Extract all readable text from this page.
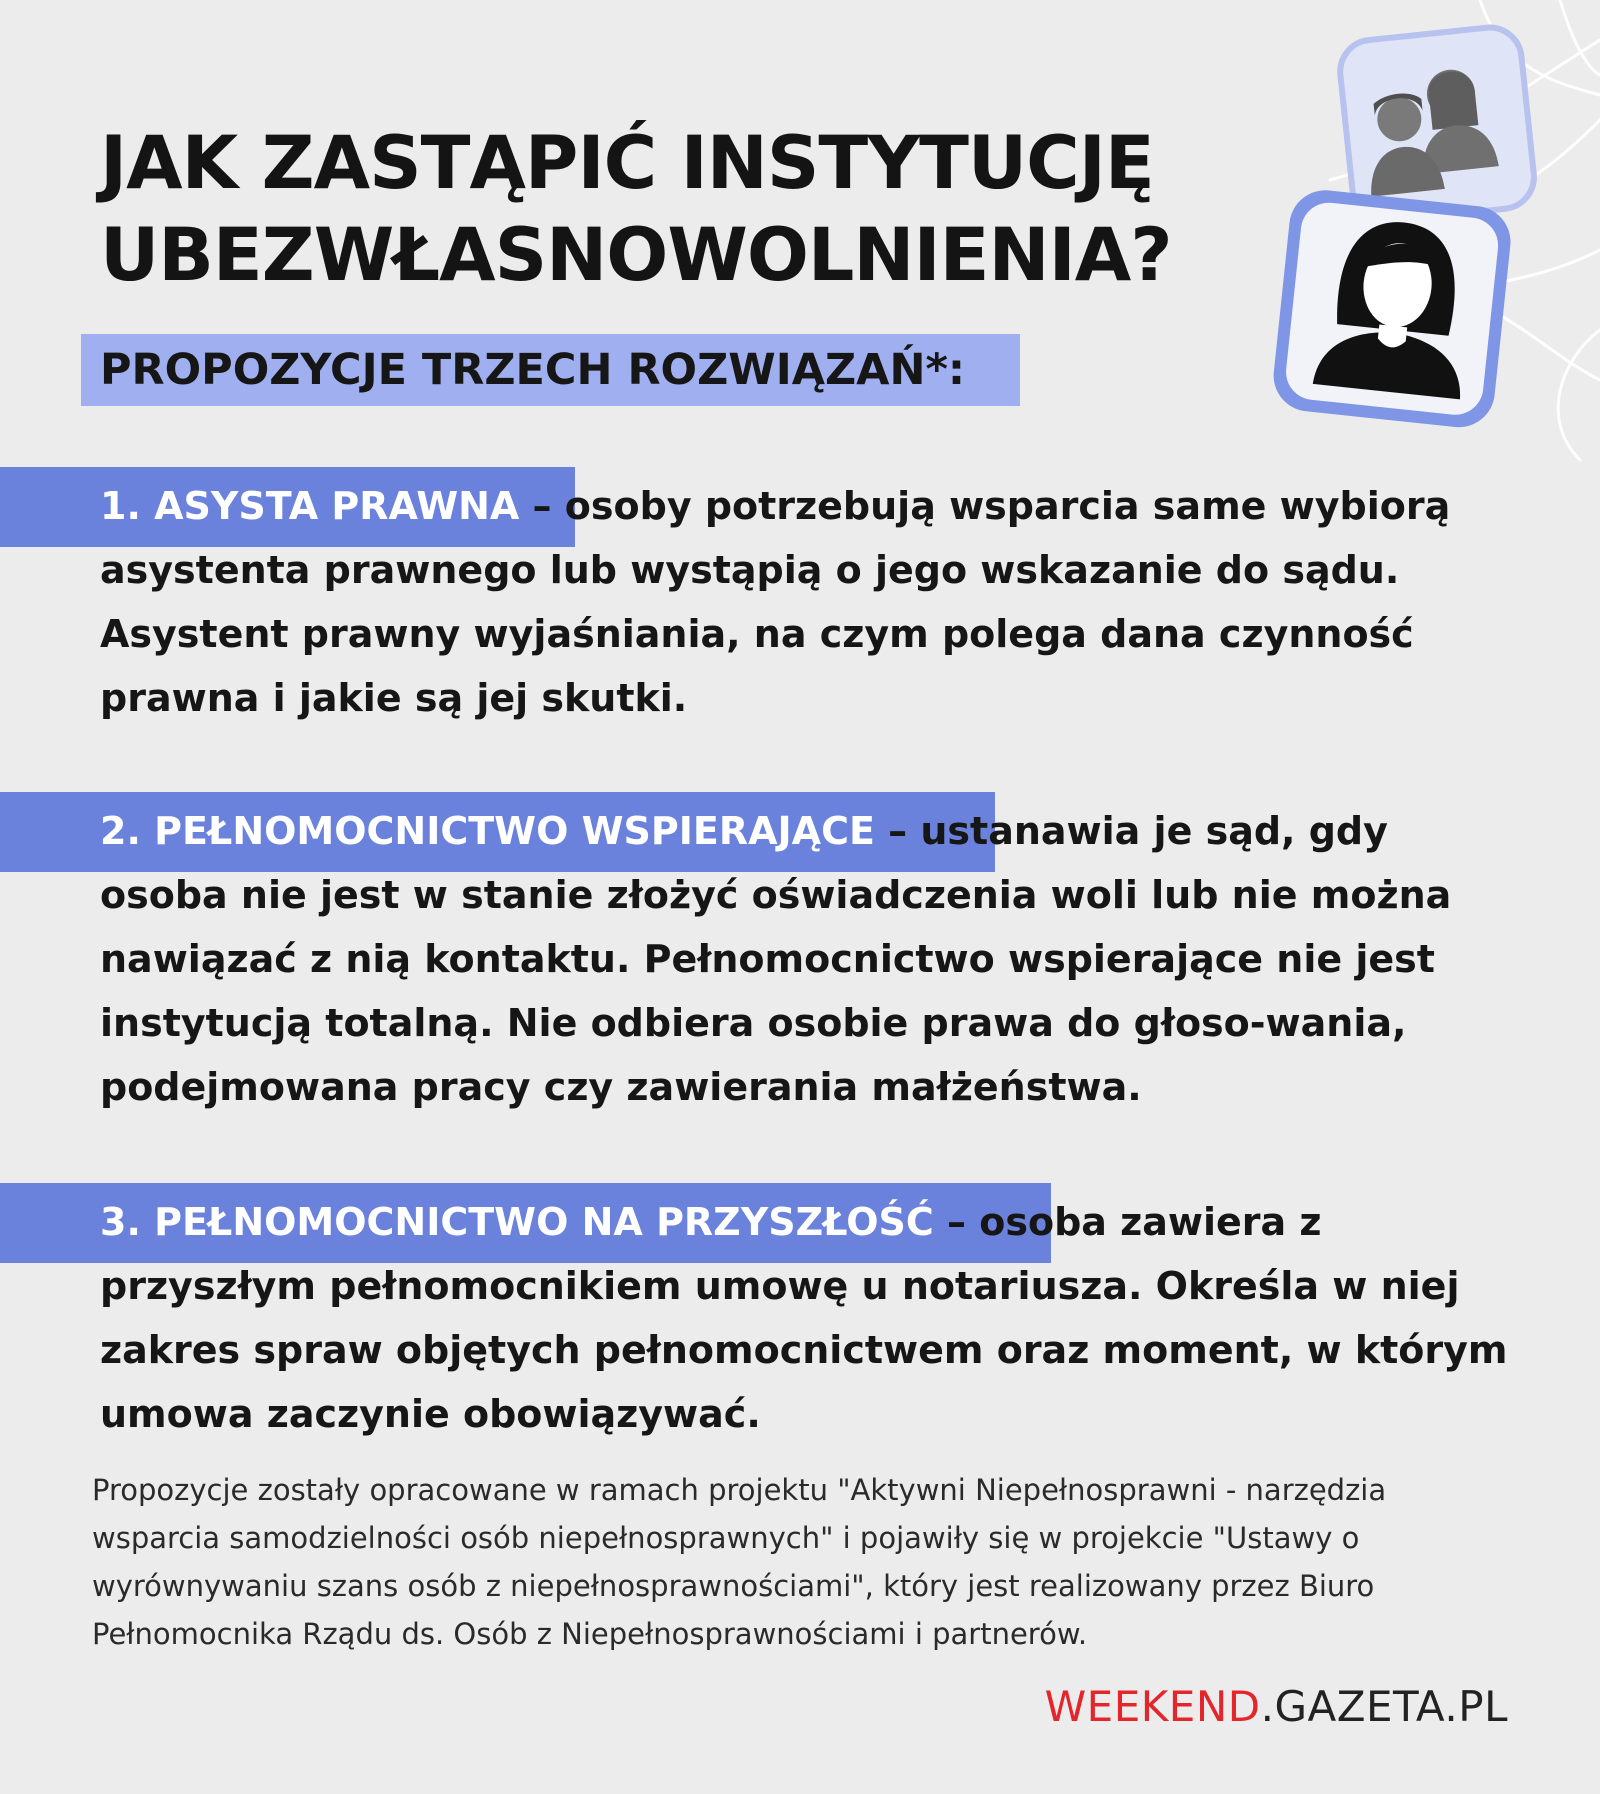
JAK ZASTĄPIĆ INSTYTUCJĘ
UBEZWŁASNOWOLNIENIA?
PROPOZYCJE TRZECH ROZWIĄZAŃ*:
1. ASYSTA PRAWNA – osoby potrzebują wsparcia same wybiorą asystenta prawnego lub wystąpią o jego wskazanie do sądu. Asystent prawny wyjaśniania, na czym polega dana czynność prawna i jakie są jej skutki.
2. PEŁNOMOCNICTWO WSPIERAJĄCE – ustanawia je sąd, gdy osoba nie jest w stanie złożyć oświadczenia woli lub nie można nawiązać z nią kontaktu. Pełnomocnictwo wspierające nie jest instytucją totalną. Nie odbiera osobie prawa do głoso-wania, podejmowana pracy czy zawierania małżeństwa.
3. PEŁNOMOCNICTWO NA PRZYSZŁOŚĆ – osoba zawiera z przyszłym pełnomocnikiem umowę u notariusza. Określa w niej zakres spraw objętych pełnomocnictwem oraz moment, w którym umowa zaczynie obowiązywać.
Propozycje zostały opracowane w ramach projektu "Aktywni Niepełnosprawni - narzędzia wsparcia samodzielności osób niepełnosprawnych" i pojawiły się w projekcie "Ustawy o wyrównywaniu szans osób z niepełnosprawnościami", który jest realizowany przez Biuro Pełnomocnika Rządu ds. Osób z Niepełnosprawnościami i partnerów.
WEEKEND.GAZETA.PL
